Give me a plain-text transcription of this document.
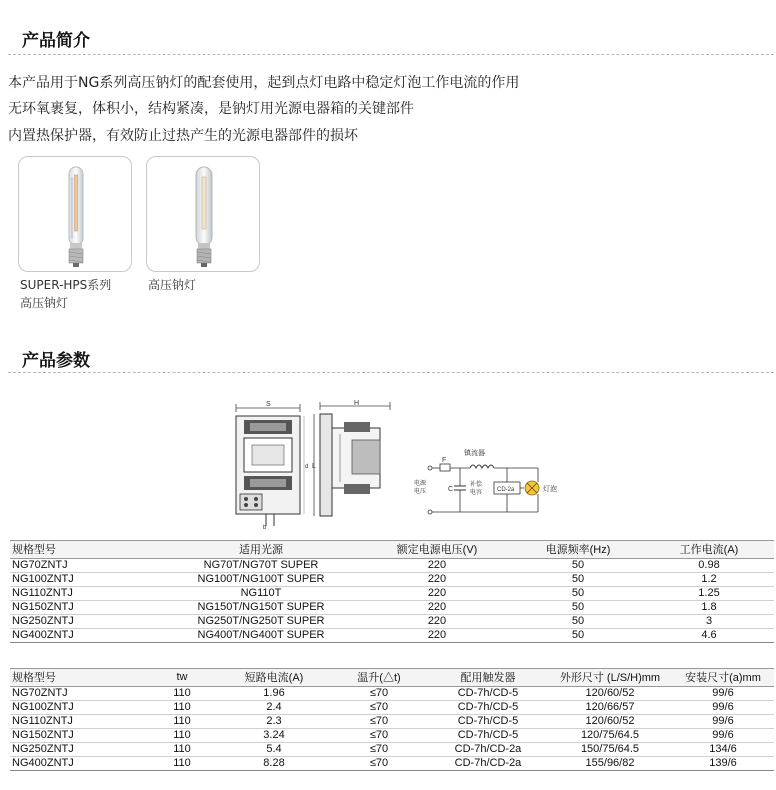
产品简介
本产品用于NG系列高压钠灯的配套使用，起到点灯电路中稳定灯泡工作电流的作用
无环氧裹复，体积小，结构紧凑，是钠灯用光源电器箱的关键部件
内置热保护器，有效防止过热产生的光源电器部件的损坏
SUPER-HPS系列
高压钠灯
高压钠灯
产品参数
S
b
d
H
L
F
镇流器
C
补偿
电容
电源
电压	CD-2a	灯泡
规格型号	适用光源	额定电源电压(V)	电源频率(Hz)	工作电流(A)
NG70ZNTJ	NG70T/NG70T SUPER	220	50	0.98
NG100ZNTJ	NG100T/NG100T SUPER	220	50	1.2
NG110ZNTJ	NG110T	220	50	1.25
NG150ZNTJ	NG150T/NG150T SUPER	220	50	1.8
NG250ZNTJ	NG250T/NG250T SUPER	220	50	3
NG400ZNTJ	NG400T/NG400T SUPER	220	50	4.6
规格型号	tw	短路电流(A)	温升(△t)	配用触发器	外形尺寸 (L/S/H)mm	安装尺寸(a)mm
NG70ZNTJ	110	1.96	≤70	CD-7h/CD-5	120/60/52	99/6
NG100ZNTJ	110	2.4	≤70	CD-7h/CD-5	120/66/57	99/6
NG110ZNTJ	110	2.3	≤70	CD-7h/CD-5	120/60/52	99/6
NG150ZNTJ	110	3.24	≤70	CD-7h/CD-5	120/75/64.5	99/6
NG250ZNTJ	110	5.4	≤70	CD-7h/CD-2a	150/75/64.5	134/6
NG400ZNTJ	110	8.28	≤70	CD-7h/CD-2a	155/96/82	139/6
